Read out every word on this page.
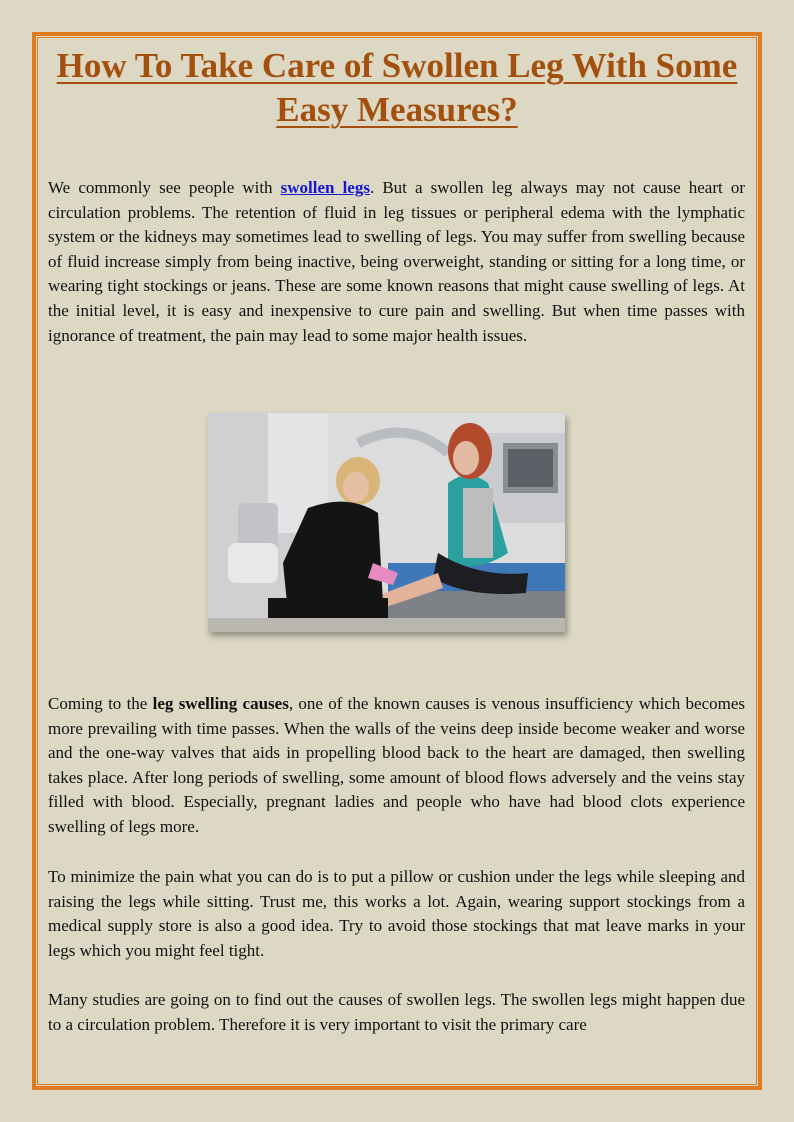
How To Take Care of Swollen Leg With Some Easy Measures?

We commonly see people with swollen legs. But a swollen leg always may not cause heart or circulation problems. The retention of fluid in leg tissues or peripheral edema with the lymphatic system or the kidneys may sometimes lead to swelling of legs. You may suffer from swelling because of fluid increase simply from being inactive, being overweight, standing or sitting for a long time, or wearing tight stockings or jeans. These are some known reasons that might cause swelling of legs. At the initial level, it is easy and inexpensive to cure pain and swelling. But when time passes with ignorance of treatment, the pain may lead to some major health issues.

Coming to the leg swelling causes, one of the known causes is venous insufficiency which becomes more prevailing with time passes. When the walls of the veins deep inside become weaker and worse and the one-way valves that aids in propelling blood back to the heart are damaged, then swelling takes place. After long periods of swelling, some amount of blood flows adversely and the veins stay filled with blood. Especially, pregnant ladies and people who have had blood clots experience swelling of legs more.

To minimize the pain what you can do is to put a pillow or cushion under the legs while sleeping and raising the legs while sitting. Trust me, this works a lot. Again, wearing support stockings from a medical supply store is also a good idea. Try to avoid those stockings that mat leave marks in your legs which you might feel tight.

Many studies are going on to find out the causes of swollen legs. The swollen legs might happen due to a circulation problem. Therefore it is very important to visit the primary care
